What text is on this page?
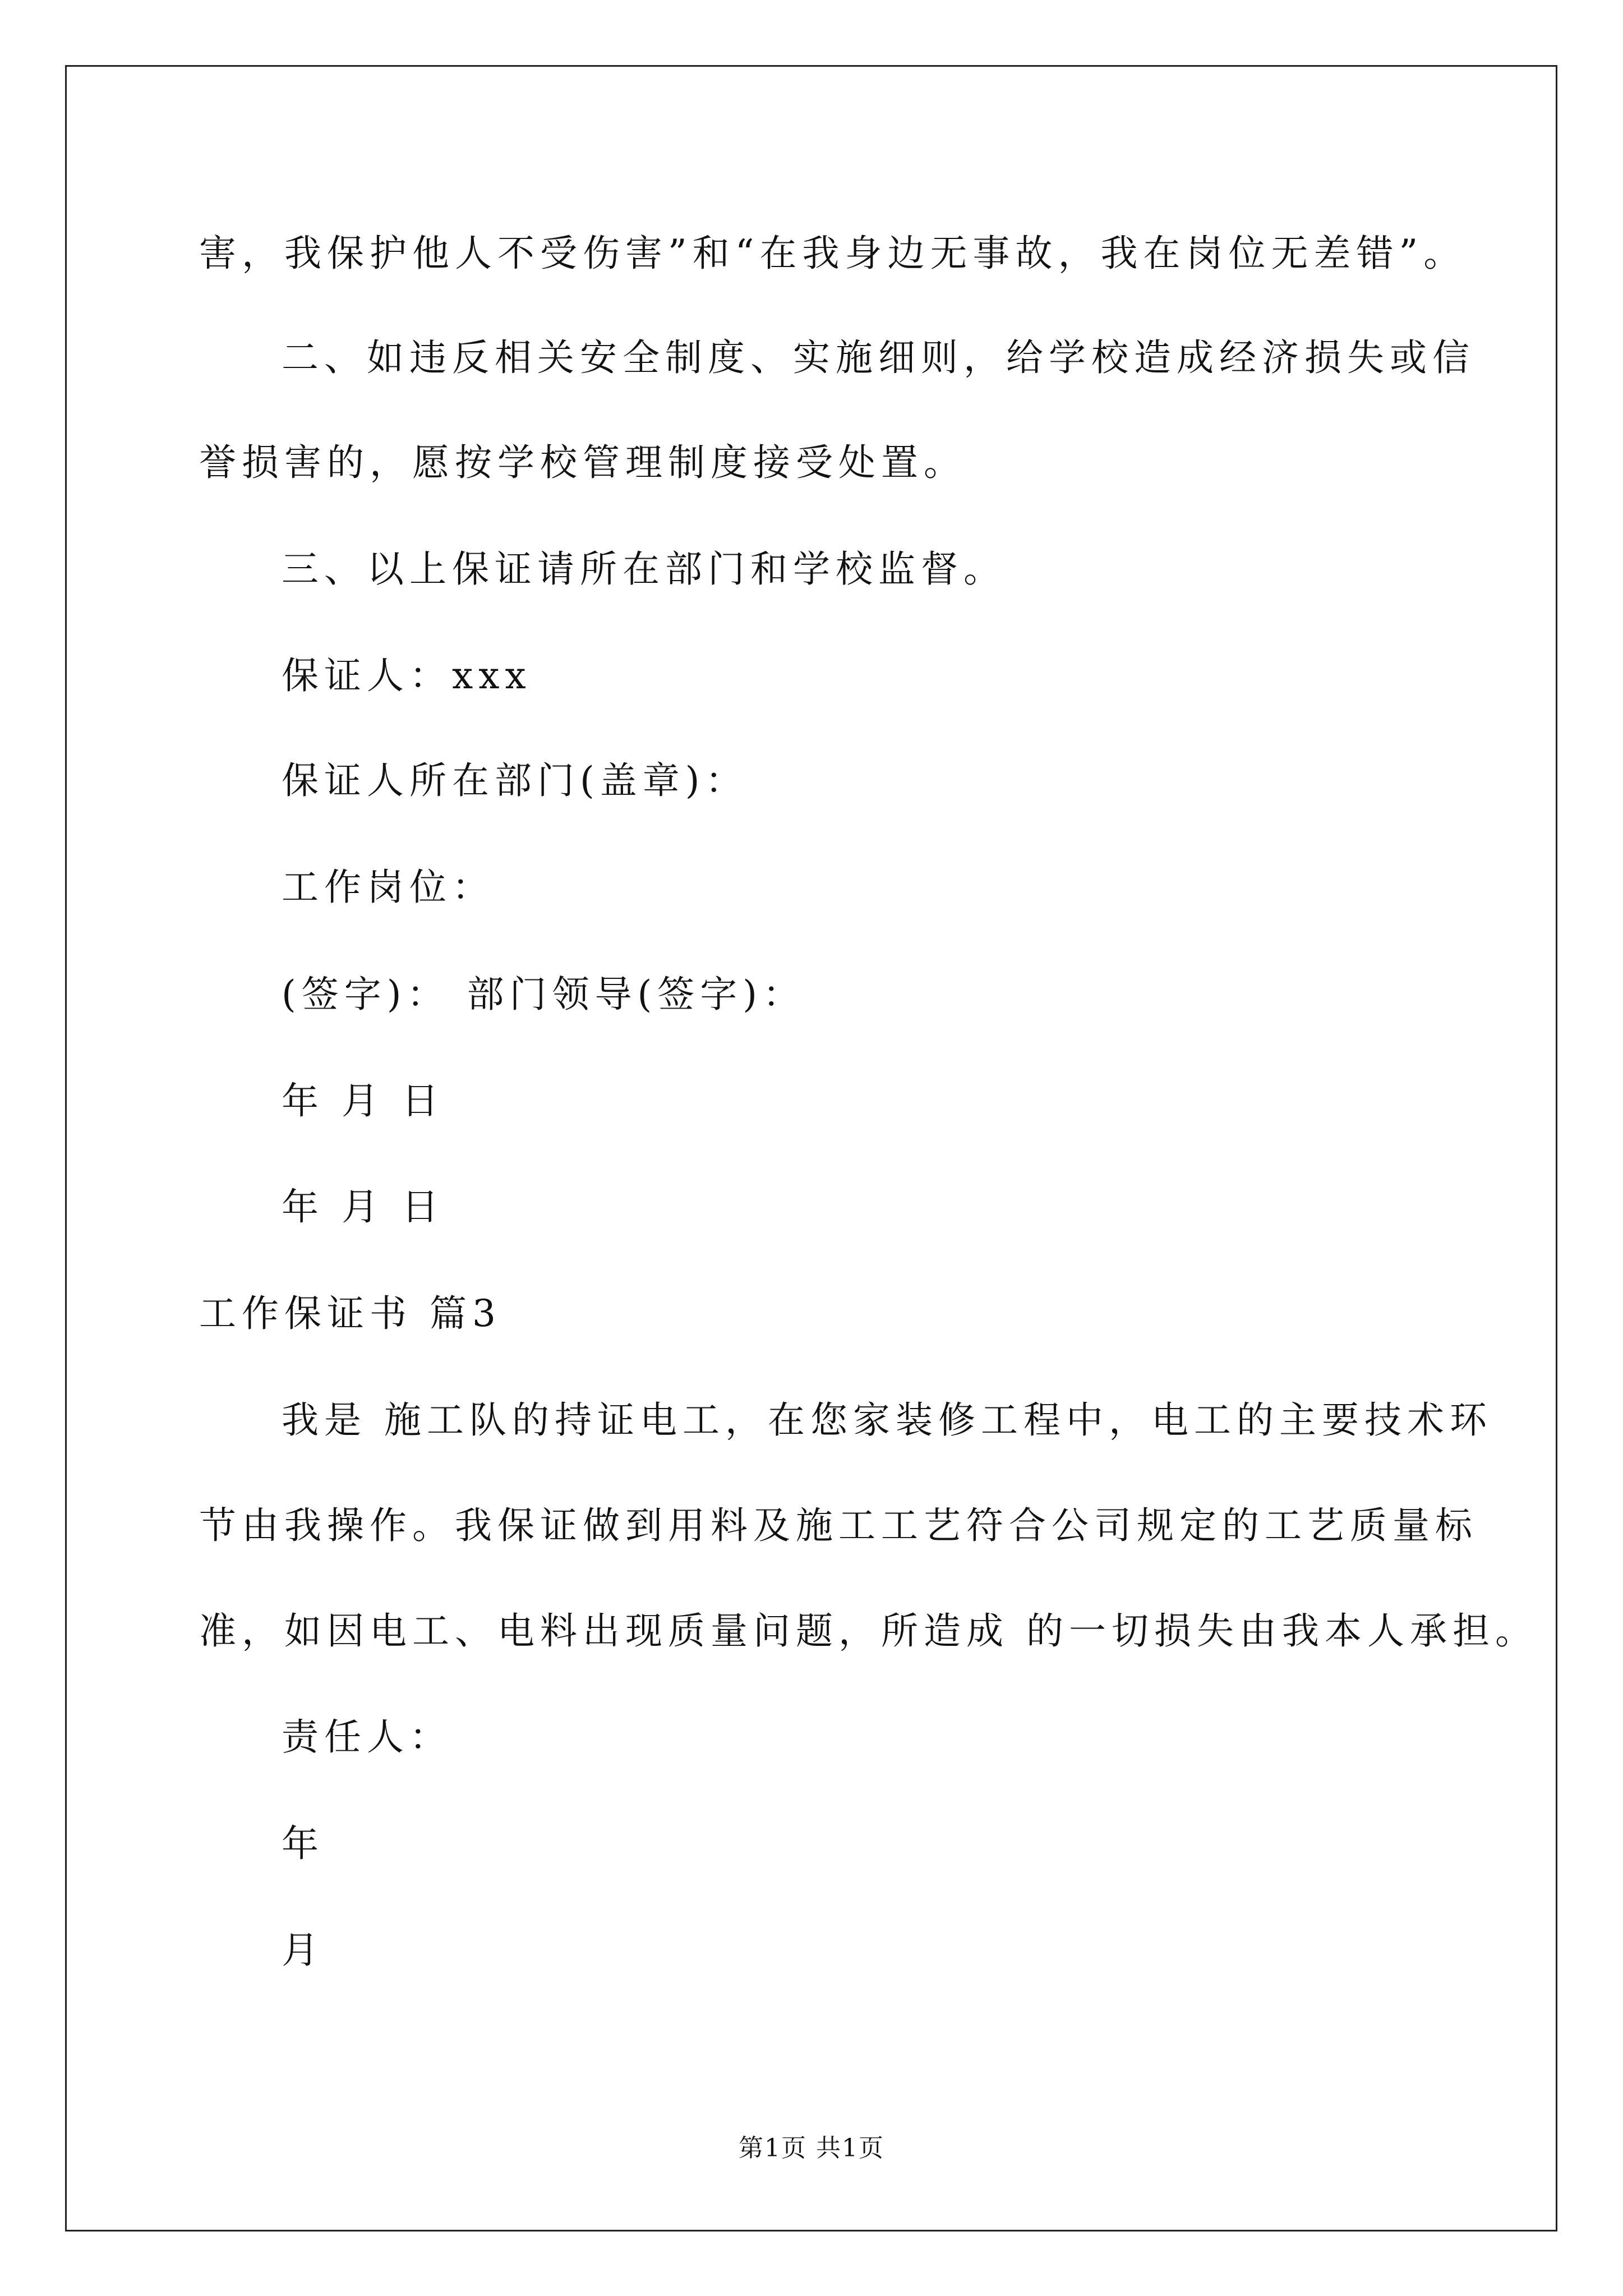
害，我保护他人不受伤害”和“在我身边无事故，我在岗位无差错”。
二、如违反相关安全制度、实施细则，给学校造成经济损失或信
誉损害的，愿按学校管理制度接受处置。
三、以上保证请所在部门和学校监督。
保证人：xxx
保证人所在部门(盖章)：
工作岗位：
(签字)： 部门领导(签字)：
年 月 日
年 月 日
工作保证书 篇3
我是 施工队的持证电工，在您家装修工程中，电工的主要技术环
节由我操作。我保证做到用料及施工工艺符合公司规定的工艺质量标
准，如因电工、电料出现质量问题，所造成 的一切损失由我本人承担。
责任人：
年
月
第1页 共1页
